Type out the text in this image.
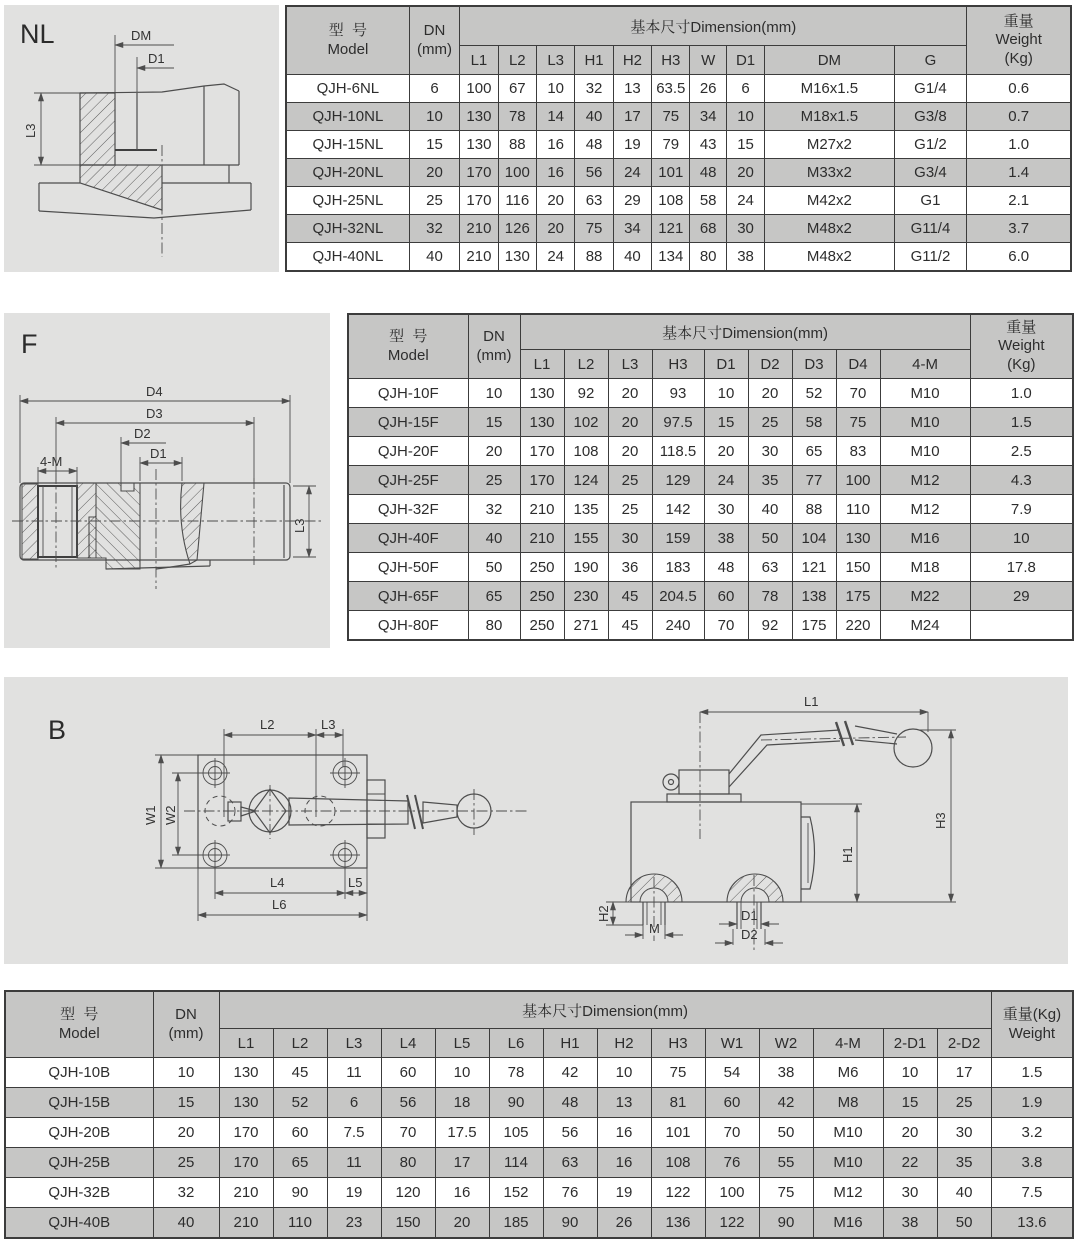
NL	DM
D1
L3
型  号
Model	DN
(mm)	基本尺寸Dimension(mm)										重量
Weight
(Kg)

		L1	L2	L3	H1	H2	H3	W	D1	DM	G	
QJH-6NL	6	100	67	10	32	13	63.5	26	6	M16x1.5	G1/4	0.6
QJH-10NL	10	130	78	14	40	17	75	34	10	M18x1.5	G3/8	0.7
QJH-15NL	15	130	88	16	48	19	79	43	15	M27x2	G1/2	1.0
QJH-20NL	20	170	100	16	56	24	101	48	20	M33x2	G3/4	1.4
QJH-25NL	25	170	116	20	63	29	108	58	24	M42x2	G1	2.1
QJH-32NL	32	210	126	20	75	34	121	68	30	M48x2	G11/4	3.7
QJH-40NL	40	210	130	24	88	40	134	80	38	M48x2	G11/2	6.0
F
D4
D3
D2
D1
4-M
L3
型  号
Model	DN
(mm)	基本尺寸Dimension(mm)									重量
Weight
(Kg)

		L1	L2	L3	H3	D1	D2	D3	D4	4-M	
QJH-10F	10	130	92	20	93	10	20	52	70	M10	1.0
QJH-15F	15	130	102	20	97.5	15	25	58	75	M10	1.5
QJH-20F	20	170	108	20	118.5	20	30	65	83	M10	2.5
QJH-25F	25	170	124	25	129	24	35	77	100	M12	4.3
QJH-32F	32	210	135	25	142	30	40	88	110	M12	7.9
QJH-40F	40	210	155	30	159	38	50	104	130	M16	10
QJH-50F	50	250	190	36	183	48	63	121	150	M18	17.8
QJH-65F	65	250	230	45	204.5	60	78	138	175	M22	29
QJH-80F	80	250	271	45	240	70	92	175	220	M24	
B	L2	L3
W1 W2
L4	L5
L6
L1
H1
H3
H2
M
D1
D2
型  号
Model	DN
(mm)	基本尺寸Dimension(mm)														重量(Kg)
Weight

		L1	L2	L3	L4	L5	L6	H1	H2	H3	W1	W2	4-M	2-D1	2-D2	
QJH-10B	10	130	45	11	60	10	78	42	10	75	54	38	M6	10	17	1.5
QJH-15B	15	130	52	6	56	18	90	48	13	81	60	42	M8	15	25	1.9
QJH-20B	20	170	60	7.5	70	17.5	105	56	16	101	70	50	M10	20	30	3.2
QJH-25B	25	170	65	11	80	17	114	63	16	108	76	55	M10	22	35	3.8
QJH-32B	32	210	90	19	120	16	152	76	19	122	100	75	M12	30	40	7.5
QJH-40B	40	210	110	23	150	20	185	90	26	136	122	90	M16	38	50	13.6
